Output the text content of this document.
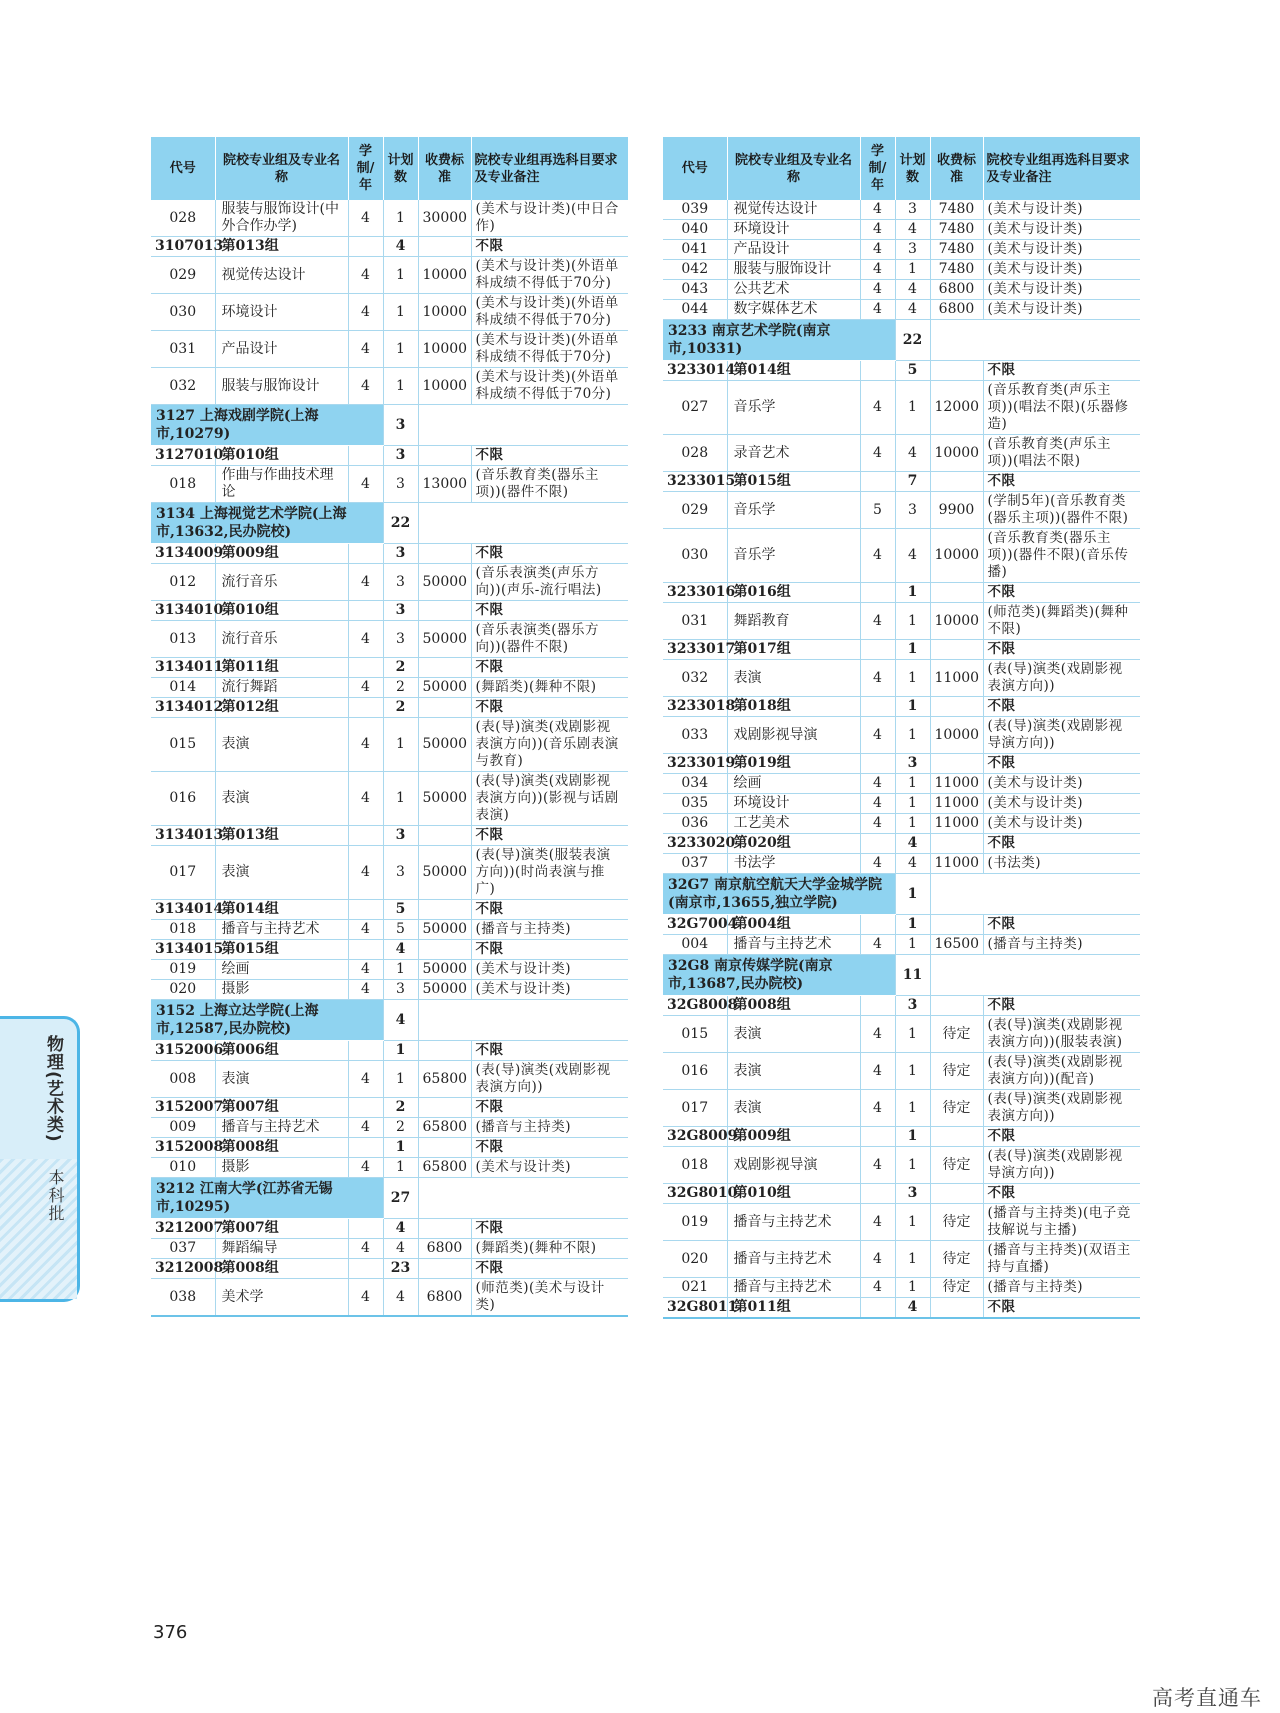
代号	院校专业组及专业名称	学制/年	计划数	收费标准	院校专业组再选科目要求及专业备注
028	服装与服饰设计(中外合作办学)	4	1	30000	(美术与设计类)(中日合作)
3107013	第013组		4		不限
029	视觉传达设计	4	1	10000	(美术与设计类)(外语单科成绩不得低于70分)
030	环境设计	4	1	10000	(美术与设计类)(外语单科成绩不得低于70分)
031	产品设计	4	1	10000	(美术与设计类)(外语单科成绩不得低于70分)
032	服装与服饰设计	4	1	10000	(美术与设计类)(外语单科成绩不得低于70分)
3127 上海戏剧学院(上海市,10279)			3		
3127010	第010组		3		不限
018	作曲与作曲技术理论	4	3	13000	(音乐教育类(器乐主项))(器件不限)
3134 上海视觉艺术学院(上海市,13632,民办院校)			22		
3134009	第009组		3		不限
012	流行音乐	4	3	50000	(音乐表演类(声乐方向))(声乐-流行唱法)
3134010	第010组		3		不限
013	流行音乐	4	3	50000	(音乐表演类(器乐方向))(器件不限)
3134011	第011组		2		不限
014	流行舞蹈	4	2	50000	(舞蹈类)(舞种不限)
3134012	第012组		2		不限
015	表演	4	1	50000	(表(导)演类(戏剧影视表演方向))(音乐剧表演与教育)
016	表演	4	1	50000	(表(导)演类(戏剧影视表演方向))(影视与话剧表演)
3134013	第013组		3		不限
017	表演	4	3	50000	(表(导)演类(服装表演方向))(时尚表演与推广)
3134014	第014组		5		不限
018	播音与主持艺术	4	5	50000	(播音与主持类)
3134015	第015组		4		不限
019	绘画	4	1	50000	(美术与设计类)
020	摄影	4	3	50000	(美术与设计类)
3152 上海立达学院(上海市,12587,民办院校)			4		
3152006	第006组		1		不限
008	表演	4	1	65800	(表(导)演类(戏剧影视表演方向))
3152007	第007组		2		不限
009	播音与主持艺术	4	2	65800	(播音与主持类)
3152008	第008组		1		不限
010	摄影	4	1	65800	(美术与设计类)
3212 江南大学(江苏省无锡市,10295)			27		
3212007	第007组		4		不限
037	舞蹈编导	4	4	6800	(舞蹈类)(舞种不限)
3212008	第008组		23		不限
038	美术学	4	4	6800	(师范类)(美术与设计类)
代号	院校专业组及专业名称	学制/年	计划数	收费标准	院校专业组再选科目要求及专业备注
039	视觉传达设计	4	3	7480	(美术与设计类)
040	环境设计	4	4	7480	(美术与设计类)
041	产品设计	4	3	7480	(美术与设计类)
042	服装与服饰设计	4	1	7480	(美术与设计类)
043	公共艺术	4	4	6800	(美术与设计类)
044	数字媒体艺术	4	4	6800	(美术与设计类)
3233 南京艺术学院(南京市,10331)			22		
3233014	第014组		5		不限
027	音乐学	4	1	12000	(音乐教育类(声乐主项))(唱法不限)(乐器修造)
028	录音艺术	4	4	10000	(音乐教育类(声乐主项))(唱法不限)
3233015	第015组		7		不限
029	音乐学	5	3	9900	(学制5年)(音乐教育类(器乐主项))(器件不限)
030	音乐学	4	4	10000	(音乐教育类(器乐主项))(器件不限)(音乐传播)
3233016	第016组		1		不限
031	舞蹈教育	4	1	10000	(师范类)(舞蹈类)(舞种不限)
3233017	第017组		1		不限
032	表演	4	1	11000	(表(导)演类(戏剧影视表演方向))
3233018	第018组		1		不限
033	戏剧影视导演	4	1	10000	(表(导)演类(戏剧影视导演方向))
3233019	第019组		3		不限
034	绘画	4	1	11000	(美术与设计类)
035	环境设计	4	1	11000	(美术与设计类)
036	工艺美术	4	1	11000	(美术与设计类)
3233020	第020组		4		不限
037	书法学	4	4	11000	(书法类)
32G7 南京航空航天大学金城学院(南京市,13655,独立学院)			1		
32G7004	第004组		1		不限
004	播音与主持艺术	4	1	16500	(播音与主持类)
32G8 南京传媒学院(南京市,13687,民办院校)			11		
32G8008	第008组		3		不限
015	表演	4	1	待定	(表(导)演类(戏剧影视表演方向))(服装表演)
016	表演	4	1	待定	(表(导)演类(戏剧影视表演方向))(配音)
017	表演	4	1	待定	(表(导)演类(戏剧影视表演方向))
32G8009	第009组		1		不限
018	戏剧影视导演	4	1	待定	(表(导)演类(戏剧影视导演方向))
32G8010	第010组		3		不限
019	播音与主持艺术	4	1	待定	(播音与主持类)(电子竞技解说与主播)
020	播音与主持艺术	4	1	待定	(播音与主持类)(双语主持与直播)
021	播音与主持艺术	4	1	待定	(播音与主持类)
32G8011	第011组		4		不限
376
物理(艺术类)
本科批
高考直通车
